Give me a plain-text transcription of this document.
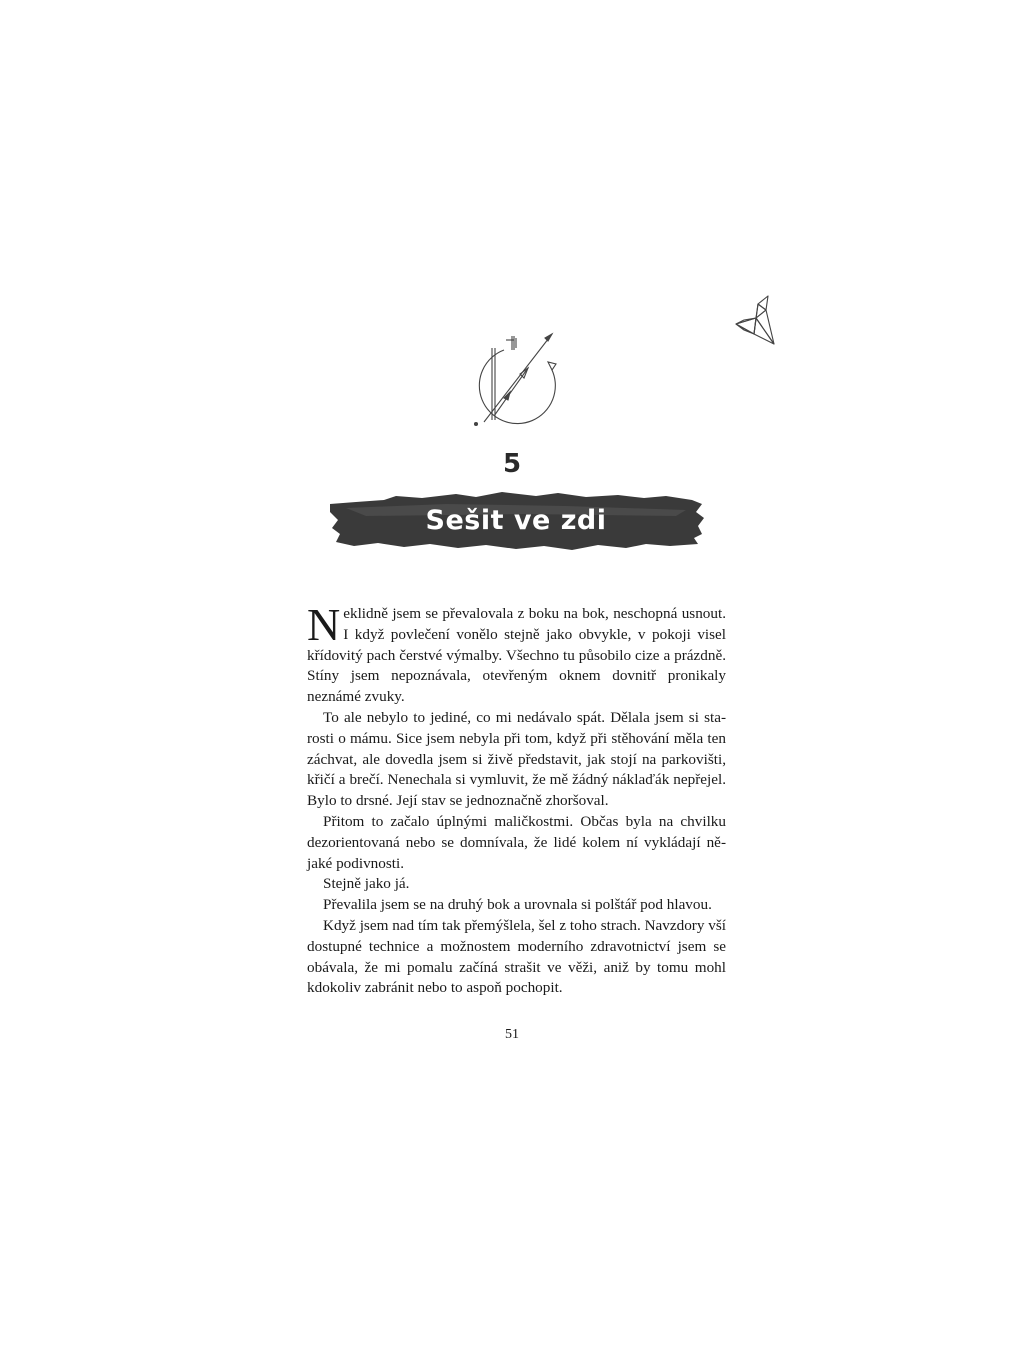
5
Sešit ve zdi

Neklidně jsem se převalovala z boku na bok, neschopná usnout. I když povlečení vonělo stejně jako obvykle, v pokoji visel křídovitý pach čerstvé výmalby. Všechno tu působilo cize a prázdně. Stíny jsem nepoznávala, otevřeným oknem dovnitř pronikaly neznámé zvuky.

To ale nebylo to jediné, co mi nedávalo spát. Dělala jsem si starosti o mámu. Sice jsem nebyla při tom, když při stěhování měla ten záchvat, ale dovedla jsem si živě představit, jak stojí na parkovišti, křičí a brečí. Nenechala si vymluvit, že mě žádný náklaďák nepřejel. Bylo to drsné. Její stav se jednoznačně zhoršoval.

Přitom to začalo úplnými maličkostmi. Občas byla na chvilku dezorientovaná nebo se domnívala, že lidé kolem ní vykládají nějaké podivnosti.

Stejně jako já.

Převalila jsem se na druhý bok a urovnala si polštář pod hlavou.

Když jsem nad tím tak přemýšlela, šel z toho strach. Navzdory vší dostupné technice a možnostem moderního zdravotnictví jsem se obávala, že mi pomalu začíná strašit ve věži, aniž by tomu mohl kdokoliv zabránit nebo to aspoň pochopit.

51
